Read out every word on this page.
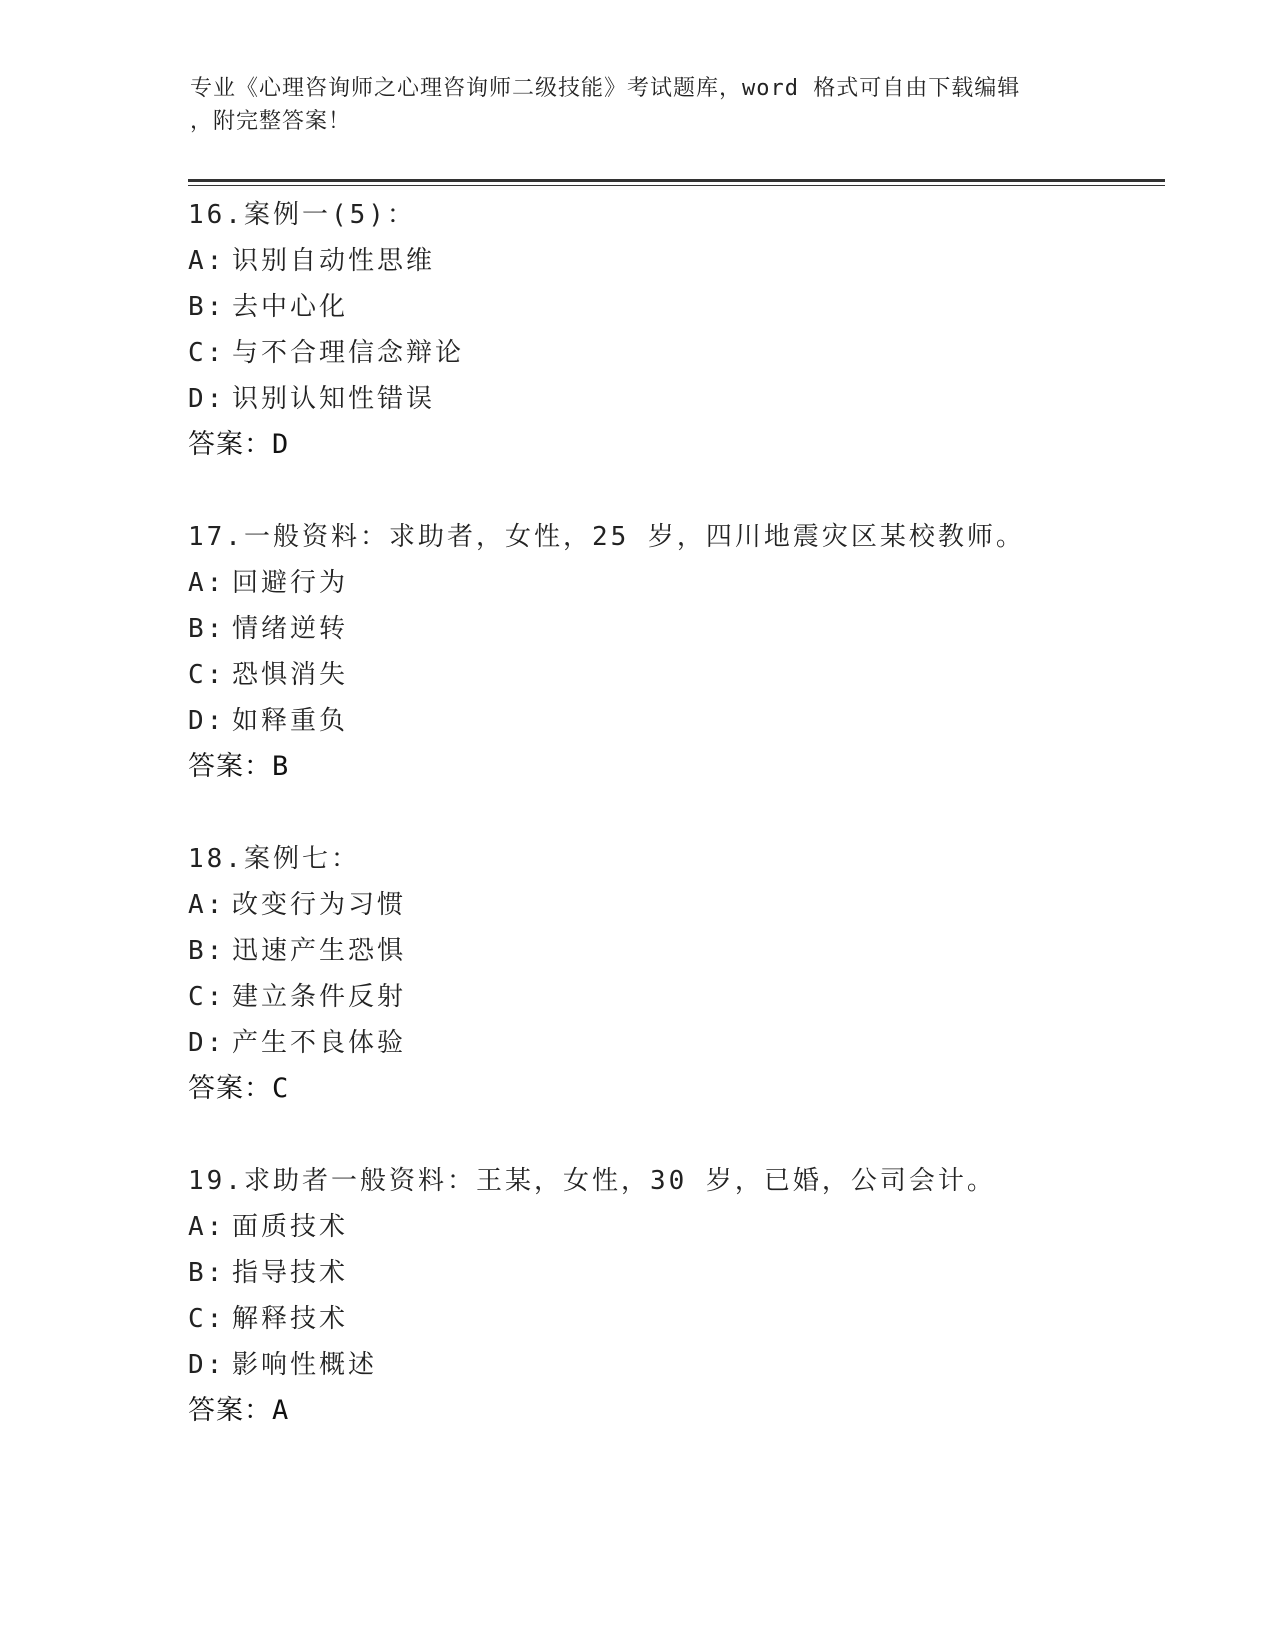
专业《心理咨询师之心理咨询师二级技能》考试题库，word 格式可自由下载编辑
，附完整答案！
16.案例一(5)：
A: 识别自动性思维
B: 去中心化
C: 与不合理信念辩论
D: 识别认知性错误
答案：D
17.一般资料：求助者，女性，25 岁，四川地震灾区某校教师。
A: 回避行为
B: 情绪逆转
C: 恐惧消失
D: 如释重负
答案：B
18.案例七：
A: 改变行为习惯
B: 迅速产生恐惧
C: 建立条件反射
D: 产生不良体验
答案：C
19.求助者一般资料：王某，女性，30 岁，已婚，公司会计。
A: 面质技术
B: 指导技术
C: 解释技术
D: 影响性概述
答案：A
